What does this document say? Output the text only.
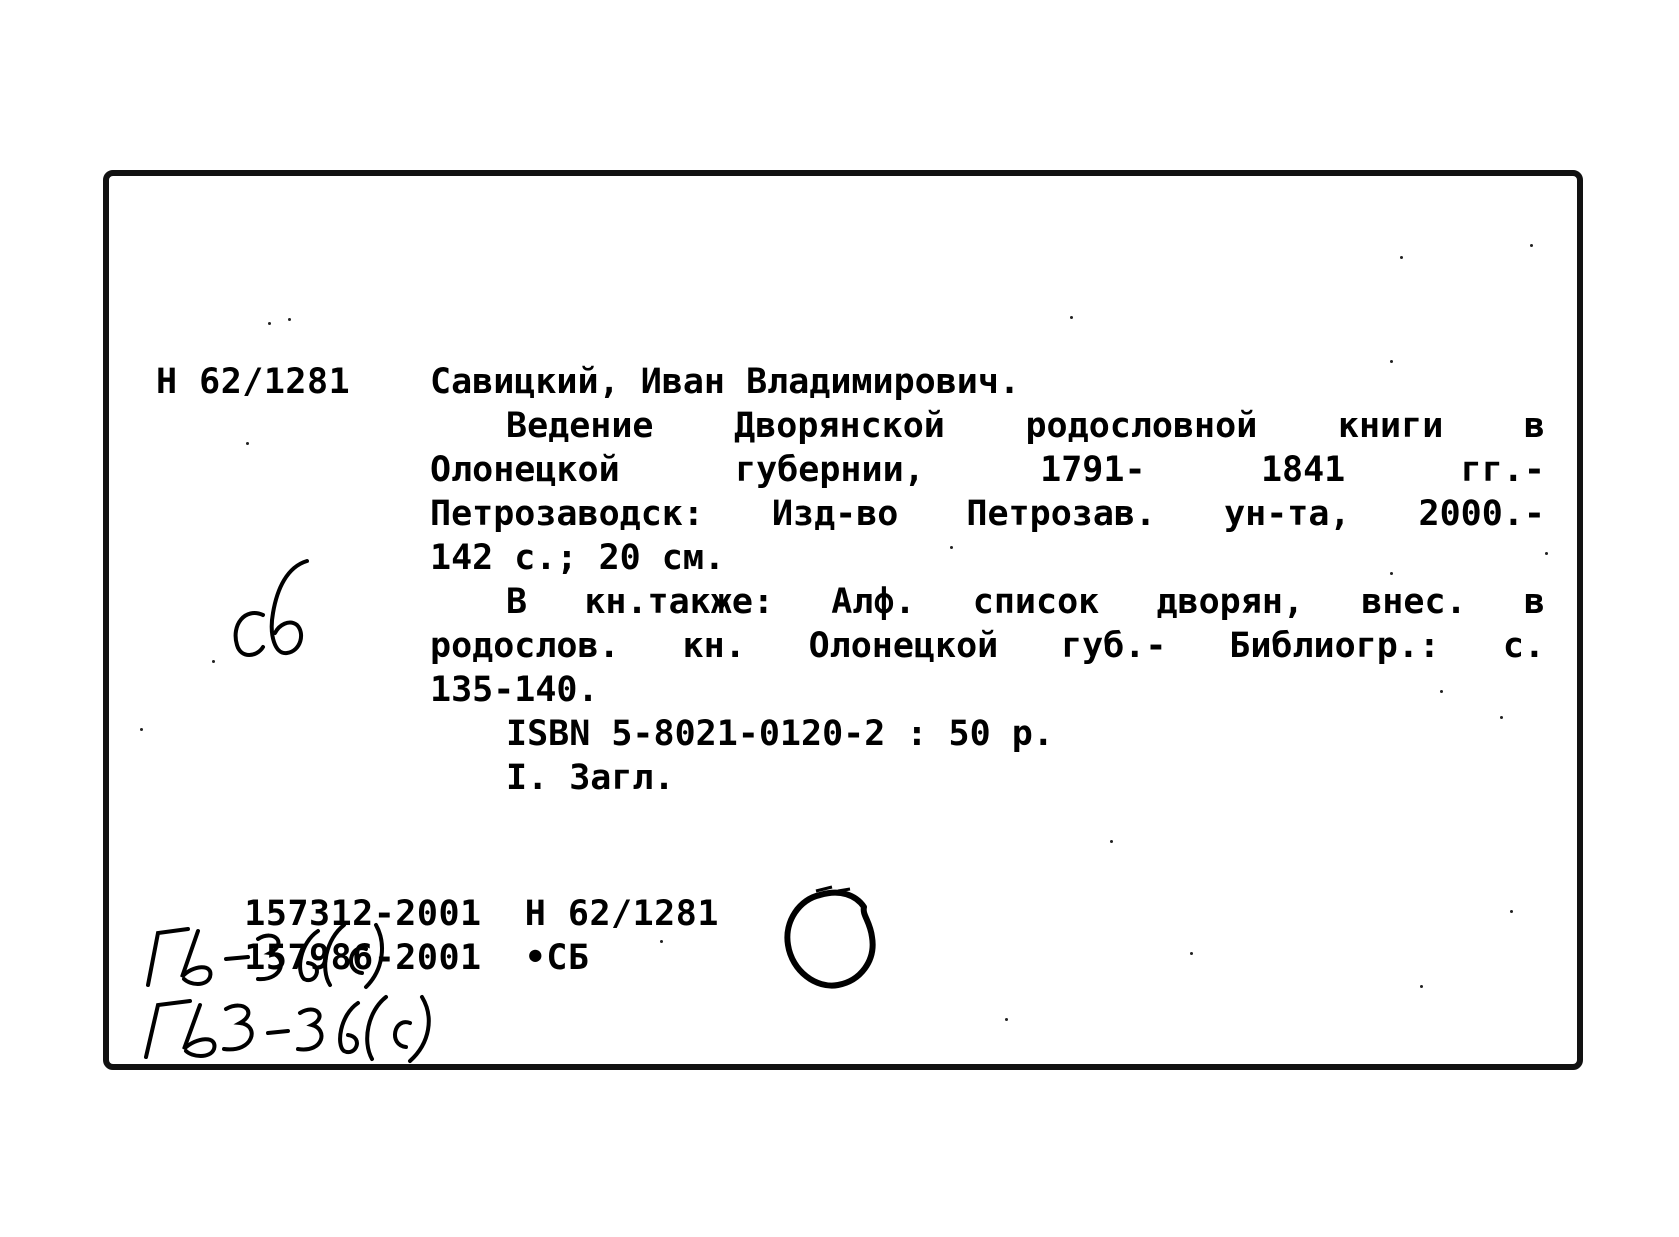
Н 62/1281 Савицкий, Иван Владимирович.
Ведение Дворянской родословной книги в
Олонецкой	губернии,	1791-	1841	гг.-
Петрозаводск: Изд-во Петрозав. ун-та, 2000.-
142 с.; 20 см.
В кн.также: Алф. список дворян, внес. в
родослов. кн. Олонецкой губ.- Библиогр.: с.
135-140.
ISBN 5-8021-0120-2 : 50 р.
I. Загл.

157312-2001 Н 62/1281

157986-2001 •СБ
